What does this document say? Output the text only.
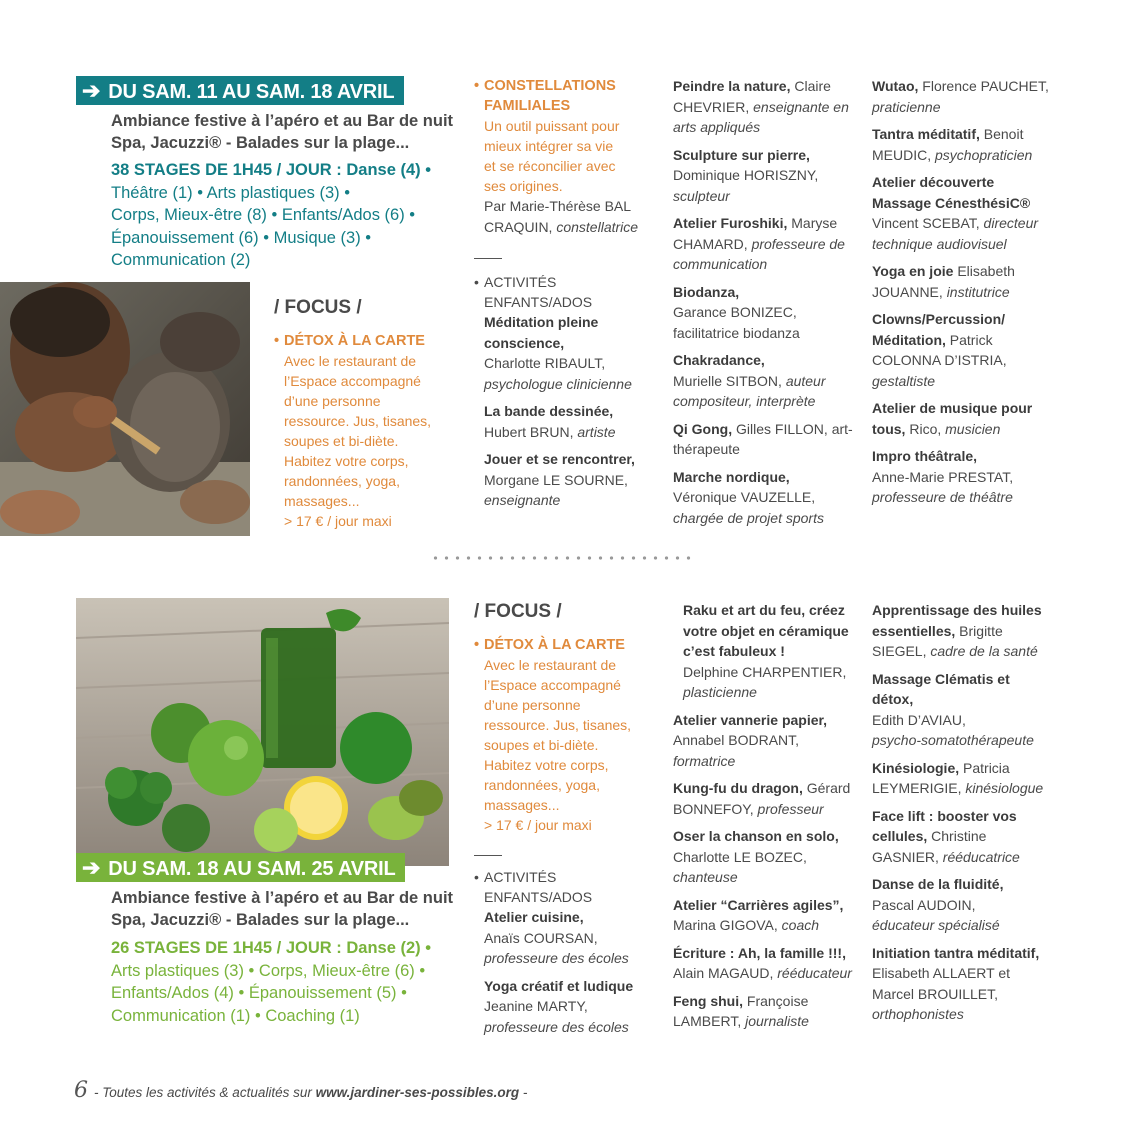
➔ DU SAM. 11 AU SAM. 18 AVRIL
Ambiance festive à l’apéro et au Bar de nuit
Spa, Jacuzzi® - Balades sur la plage...
38 STAGES DE 1H45 / JOUR : Danse (4) •
Théâtre (1) • Arts plastiques (3) •
Corps, Mieux-être (8) • Enfants/Ados (6) •
Épanouissement (6) • Musique (3) •
Communication (2)
/ FOCUS /
• DÉTOX À LA CARTE
Avec le restaurant de
l’Espace accompagné
d’une personne
ressource. Jus, tisanes,
soupes et bi-diète.
Habitez votre corps,
randonnées, yoga,
massages...
> 17 € / jour maxi
• CONSTELLATIONS
FAMILIALES
Un outil puissant pour
mieux intégrer sa vie
et se réconcilier avec
ses origines.
Par Marie-Thérèse BAL
CRAQUIN, constellatrice
• ACTIVITÉS
ENFANTS/ADOS
Méditation pleine conscience,
Charlotte RIBAULT,
psychologue clinicienne
La bande dessinée,
Hubert BRUN, artiste
Jouer et se rencontrer,
Morgane LE SOURNE,
enseignante
Peindre la nature, Claire CHEVRIER, enseignante en arts appliqués
Sculpture sur pierre, Dominique HORISZNY, sculpteur
Atelier Furoshiki, Maryse CHAMARD, professeure de communication
Biodanza,
Garance BONIZEC, facilitatrice biodanza
Chakradance,
Murielle SITBON, auteur compositeur, interprète
Qi Gong, Gilles FILLON, art-thérapeute
Marche nordique,
Véronique VAUZELLE,
chargée de projet sports
Wutao, Florence PAUCHET,
praticienne
Tantra méditatif, Benoit MEUDIC, psychopraticien
Atelier découverte Massage CénesthésiC®
Vincent SCEBAT, directeur technique audiovisuel
Yoga en joie Elisabeth JOUANNE, institutrice
Clowns/Percussion/ Méditation, Patrick COLONNA D’ISTRIA,
gestaltiste
Atelier de musique pour tous, Rico, musicien
Impro théâtrale,
Anne-Marie PRESTAT,
professeure de théâtre
➔ DU SAM. 18 AU SAM. 25 AVRIL
Ambiance festive à l’apéro et au Bar de nuit
Spa, Jacuzzi® - Balades sur la plage...
26 STAGES DE 1H45 / JOUR : Danse (2) •
Arts plastiques (3) • Corps, Mieux-être (6) •
Enfants/Ados (4) • Épanouissement (5) •
Communication (1) • Coaching (1)
/ FOCUS /
• DÉTOX À LA CARTE
Avec le restaurant de
l’Espace accompagné
d’une personne
ressource. Jus, tisanes,
soupes et bi-diète.
Habitez votre corps,
randonnées, yoga,
massages...
> 17 € / jour maxi
• ACTIVITÉS
ENFANTS/ADOS
Atelier cuisine,
Anaïs COURSAN,
professeure des écoles
Yoga créatif et ludique
Jeanine MARTY,
professeure des écoles
Raku et art du feu, créez votre objet en céramique c’est fabuleux !
Delphine CHARPENTIER,
plasticienne
Atelier vannerie papier,
Annabel BODRANT,
formatrice
Kung-fu du dragon, Gérard BONNEFOY, professeur
Oser la chanson en solo,
Charlotte LE BOZEC,
chanteuse
Atelier “Carrières agiles”,
Marina GIGOVA, coach
Écriture : Ah, la famille !!!,
Alain MAGAUD, rééducateur
Feng shui, Françoise LAMBERT, journaliste
Apprentissage des huiles essentielles, Brigitte SIEGEL, cadre de la santé
Massage Clématis et détox,
Edith D’AVIAU,
psycho-somatothérapeute
Kinésiologie, Patricia LEYMERIGIE, kinésiologue
Face lift : booster vos cellules, Christine GASNIER, rééducatrice
Danse de la fluidité,
Pascal AUDOIN,
éducateur spécialisé
Initiation tantra méditatif,
Elisabeth ALLAERT et Marcel BROUILLET,
orthophonistes
6 - Toutes les activités & actualités sur www.jardiner-ses-possibles.org -
